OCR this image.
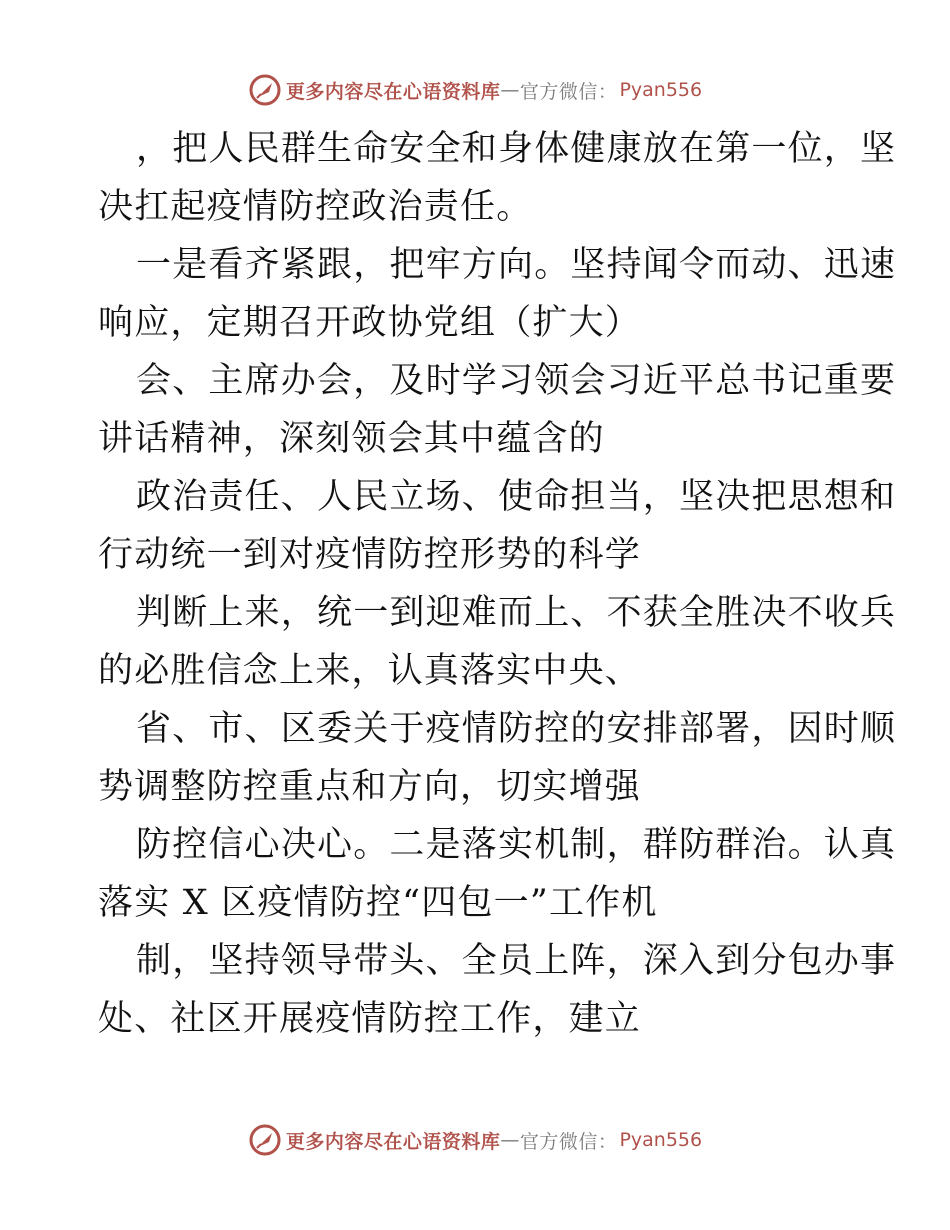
更多内容尽在心语资料库 — 官方微信： Pyan556
，把人民群生命安全和身体健康放在第一位，坚
决扛起疫情防控政治责任。
一是看齐紧跟，把牢方向。坚持闻令而动、迅速
响应，定期召开政协党组（扩大）
会、主席办会，及时学习领会习近平总书记重要
讲话精神，深刻领会其中蕴含的
政治责任、人民立场、使命担当，坚决把思想和
行动统一到对疫情防控形势的科学
判断上来，统一到迎难而上、不获全胜决不收兵
的必胜信念上来，认真落实中央、
省、市、区委关于疫情防控的安排部署，因时顺
势调整防控重点和方向，切实增强
防控信心决心。二是落实机制，群防群治。认真
落实 X 区疫情防控“四包一”工作机
制，坚持领导带头、全员上阵，深入到分包办事
处、社区开展疫情防控工作，建立
更多内容尽在心语资料库 — 官方微信： Pyan556
